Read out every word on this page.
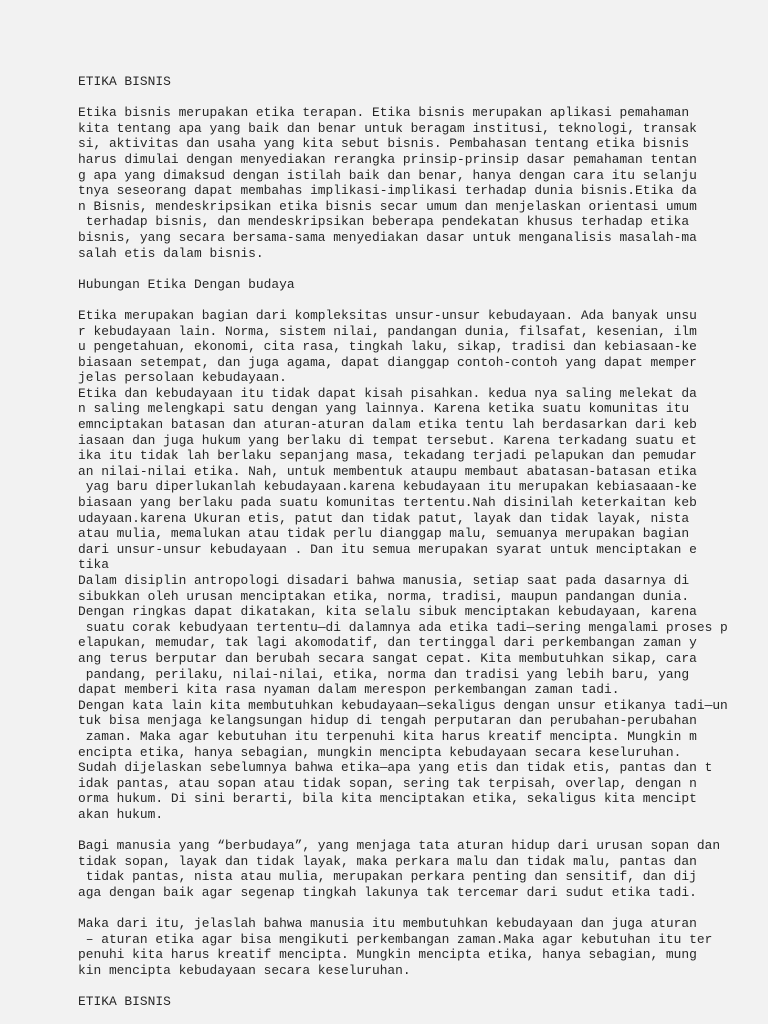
ETIKA BISNIS
Etika bisnis merupakan etika terapan. Etika bisnis merupakan aplikasi pemahaman
kita tentang apa yang baik dan benar untuk beragam institusi, teknologi, transak
si, aktivitas dan usaha yang kita sebut bisnis. Pembahasan tentang etika bisnis
harus dimulai dengan menyediakan rerangka prinsip-prinsip dasar pemahaman tentan
g apa yang dimaksud dengan istilah baik dan benar, hanya dengan cara itu selanju
tnya seseorang dapat membahas implikasi-implikasi terhadap dunia bisnis.Etika da
n Bisnis, mendeskripsikan etika bisnis secar umum dan menjelaskan orientasi umum
terhadap bisnis, dan mendeskripsikan beberapa pendekatan khusus terhadap etika
bisnis, yang secara bersama-sama menyediakan dasar untuk menganalisis masalah-ma
salah etis dalam bisnis.
Hubungan Etika Dengan budaya
Etika merupakan bagian dari kompleksitas unsur-unsur kebudayaan. Ada banyak unsu
r kebudayaan lain. Norma, sistem nilai, pandangan dunia, filsafat, kesenian, ilm
u pengetahuan, ekonomi, cita rasa, tingkah laku, sikap, tradisi dan kebiasaan-ke
biasaan setempat, dan juga agama, dapat dianggap contoh-contoh yang dapat memper
jelas persolaan kebudayaan.
Etika dan kebudayaan itu tidak dapat kisah pisahkan. kedua nya saling melekat da
n saling melengkapi satu dengan yang lainnya. Karena ketika suatu komunitas itu
emnciptakan batasan dan aturan-aturan dalam etika tentu lah berdasarkan dari keb
iasaan dan juga hukum yang berlaku di tempat tersebut. Karena terkadang suatu et
ika itu tidak lah berlaku sepanjang masa, tekadang terjadi pelapukan dan pemudar
an nilai-nilai etika. Nah, untuk membentuk ataupu membaut abatasan-batasan etika
yag baru diperlukanlah kebudayaan.karena kebudayaan itu merupakan kebiasaaan-ke
biasaan yang berlaku pada suatu komunitas tertentu.Nah disinilah keterkaitan keb
udayaan.karena Ukuran etis, patut dan tidak patut, layak dan tidak layak, nista
atau mulia, memalukan atau tidak perlu dianggap malu, semuanya merupakan bagian
dari unsur-unsur kebudayaan . Dan itu semua merupakan syarat untuk menciptakan e
tika
Dalam disiplin antropologi disadari bahwa manusia, setiap saat pada dasarnya di
sibukkan oleh urusan menciptakan etika, norma, tradisi, maupun pandangan dunia.
Dengan ringkas dapat dikatakan, kita selalu sibuk menciptakan kebudayaan, karena
suatu corak kebudyaan tertentu—di dalamnya ada etika tadi—sering mengalami proses p
elapukan, memudar, tak lagi akomodatif, dan tertinggal dari perkembangan zaman y
ang terus berputar dan berubah secara sangat cepat. Kita membutuhkan sikap, cara
pandang, perilaku, nilai-nilai, etika, norma dan tradisi yang lebih baru, yang
dapat memberi kita rasa nyaman dalam merespon perkembangan zaman tadi.
Dengan kata lain kita membutuhkan kebudayaan—sekaligus dengan unsur etikanya tadi—un
tuk bisa menjaga kelangsungan hidup di tengah perputaran dan perubahan-perubahan
zaman. Maka agar kebutuhan itu terpenuhi kita harus kreatif mencipta. Mungkin m
encipta etika, hanya sebagian, mungkin mencipta kebudayaan secara keseluruhan.
Sudah dijelaskan sebelumnya bahwa etika—apa yang etis dan tidak etis, pantas dan t
idak pantas, atau sopan atau tidak sopan, sering tak terpisah, overlap, dengan n
orma hukum. Di sini berarti, bila kita menciptakan etika, sekaligus kita mencipt
akan hukum.
Bagi manusia yang “berbudaya”, yang menjaga tata aturan hidup dari urusan sopan dan
tidak sopan, layak dan tidak layak, maka perkara malu dan tidak malu, pantas dan
tidak pantas, nista atau mulia, merupakan perkara penting dan sensitif, dan dij
aga dengan baik agar segenap tingkah lakunya tak tercemar dari sudut etika tadi.
Maka dari itu, jelaslah bahwa manusia itu membutuhkan kebudayaan dan juga aturan
– aturan etika agar bisa mengikuti perkembangan zaman.Maka agar kebutuhan itu ter
penuhi kita harus kreatif mencipta. Mungkin mencipta etika, hanya sebagian, mung
kin mencipta kebudayaan secara keseluruhan.
ETIKA BISNIS
